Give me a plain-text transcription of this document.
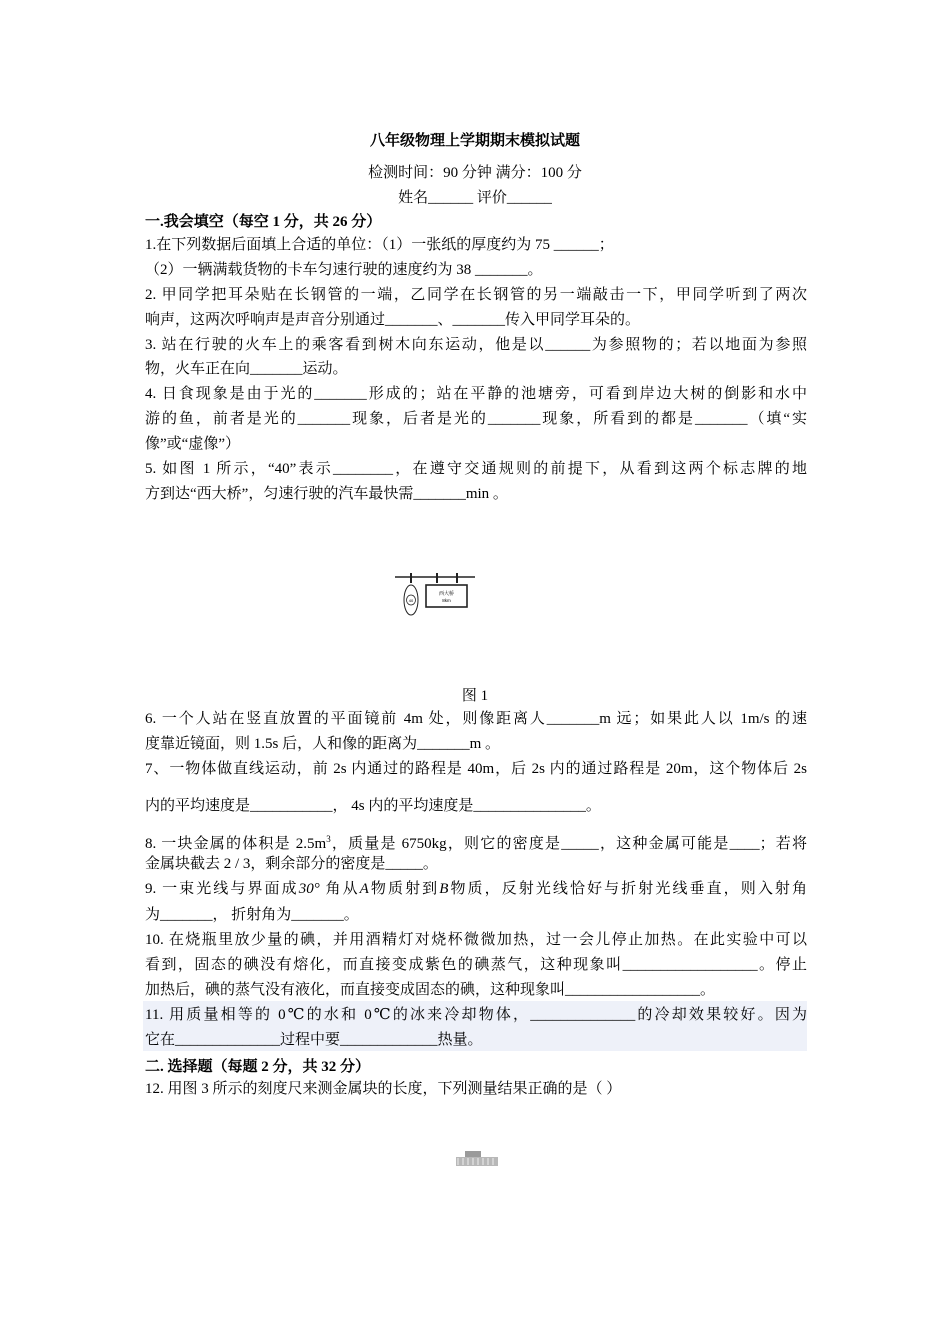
八年级物理上学期期末模拟试题
检测时间：90 分钟 满分：100 分
姓名______ 评价______
一.我会填空（每空 1 分，共 26 分）
1.在下列数据后面填上合适的单位：（1）一张纸的厚度约为 75 ______；
（2）一辆满载货物的卡车匀速行驶的速度约为 38 _______。
2. 甲同学把耳朵贴在长钢管的一端，乙同学在长钢管的另一端敲击一下，甲同学听到了两次
响声，这两次呼响声是声音分别通过_______、_______传入甲同学耳朵的。
3. 站在行驶的火车上的乘客看到树木向东运动，他是以______为参照物的；若以地面为参照
物，火车正在向_______运动。
4. 日食现象是由于光的_______形成的；站在平静的池塘旁，可看到岸边大树的倒影和水中
游的鱼，前者是光的_______现象，后者是光的_______现象，所看到的都是_______（填“实
像”或“虚像”）
5. 如图 1 所示，“40”表示________，在遵守交通规则的前提下，从看到这两个标志牌的地
方到达“西大桥”，匀速行驶的汽车最快需_______min 。
40
西大桥
8km
图 1
6. 一个人站在竖直放置的平面镜前 4m 处，则像距离人_______m 远；如果此人以 1m/s 的速
度靠近镜面，则 1.5s 后，人和像的距离为_______m 。
7、一物体做直线运动，前 2s 内通过的路程是 40m，后 2s 内的通过路程是 20m，这个物体后 2s
内的平均速度是___________， 4s 内的平均速度是_______________。
8. 一块金属的体积是 $2.5m^3$，质量是 6750kg，则它的密度是_____，这种金属可能是____；若将
金属块截去 2 / 3，剩余部分的密度是_____。
9. 一束光线与界面成30° 角从A物质射到B物质，反射光线恰好与折射光线垂直，则入射角
为_______， 折射角为_______。
10. 在烧瓶里放少量的碘，并用酒精灯对烧杯微微加热，过一会儿停止加热。在此实验中可以
看到，固态的碘没有熔化，而直接变成紫色的碘蒸气，这种现象叫__________________。停止
加热后，碘的蒸气没有液化，而直接变成固态的碘，这种现象叫__________________。
11. 用质量相等的 0℃的水和 0℃的冰来冷却物体，______________的冷却效果较好。因为
它在______________过程中要_____________热量。
二. 选择题（每题 2 分，共 32 分）
12. 用图 3 所示的刻度尺来测金属块的长度，下列测量结果正确的是（ ）
